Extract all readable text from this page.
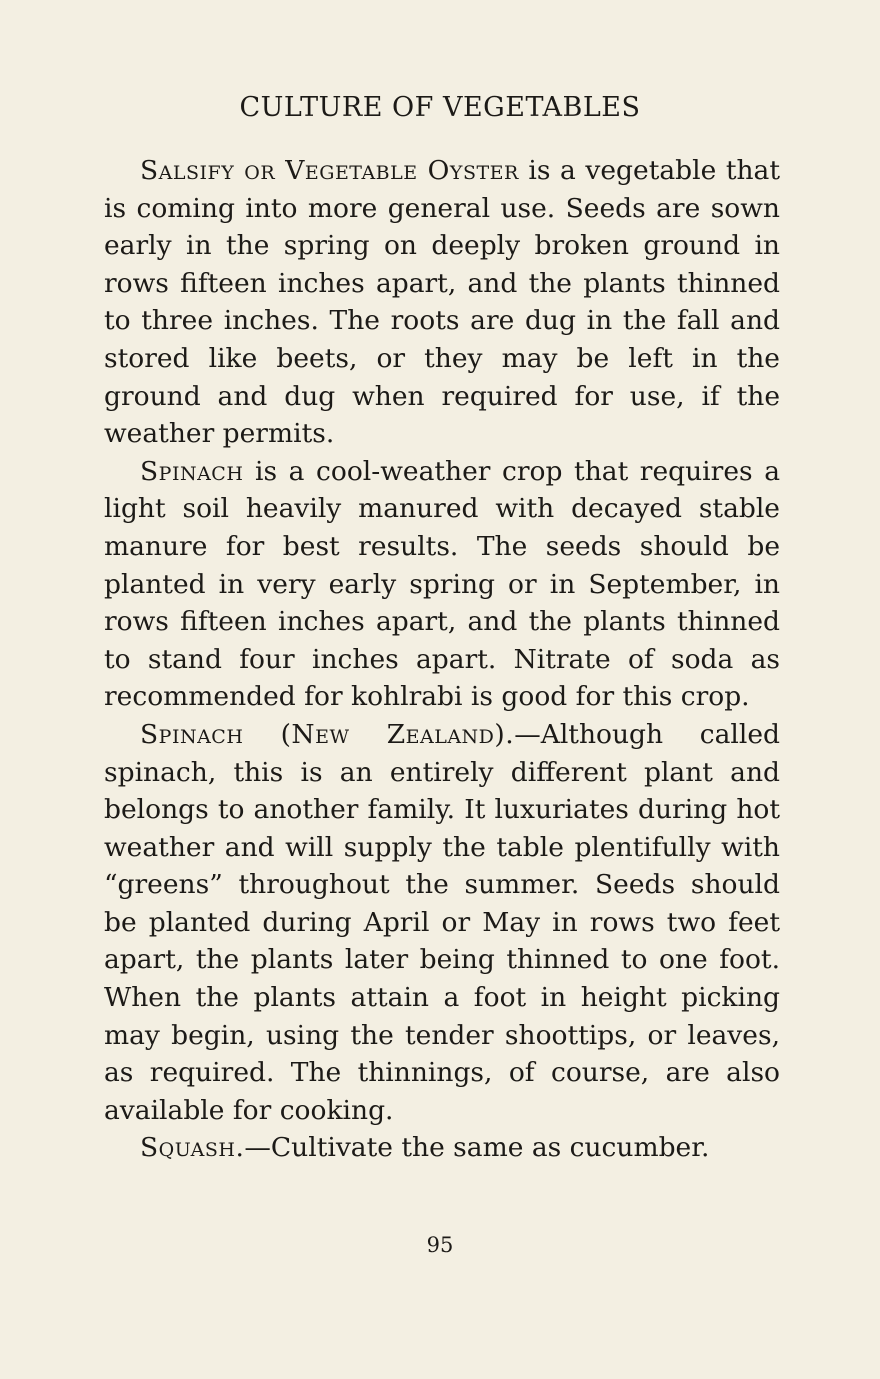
CULTURE OF VEGETABLES

Salsify or Vegetable Oyster is a vegetable that is coming into more general use. Seeds are sown early in the spring on deeply broken ground in rows fifteen inches apart, and the plants thinned to three inches. The roots are dug in the fall and stored like beets, or they may be left in the ground and dug when required for use, if the weather permits.

Spinach is a cool-weather crop that requires a light soil heavily manured with decayed stable manure for best results. The seeds should be planted in very early spring or in September, in rows fifteen inches apart, and the plants thinned to stand four inches apart. Nitrate of soda as recommended for kohlrabi is good for this crop.

Spinach (New Zealand).—Although called spinach, this is an entirely different plant and belongs to another family. It luxuriates during hot weather and will supply the table plentifully with “greens” throughout the summer. Seeds should be planted during April or May in rows two feet apart, the plants later being thinned to one foot. When the plants attain a foot in height picking may begin, using the tender shoottips, or leaves, as required. The thinnings, of course, are also available for cooking.

Squash.—Cultivate the same as cucumber.

95
